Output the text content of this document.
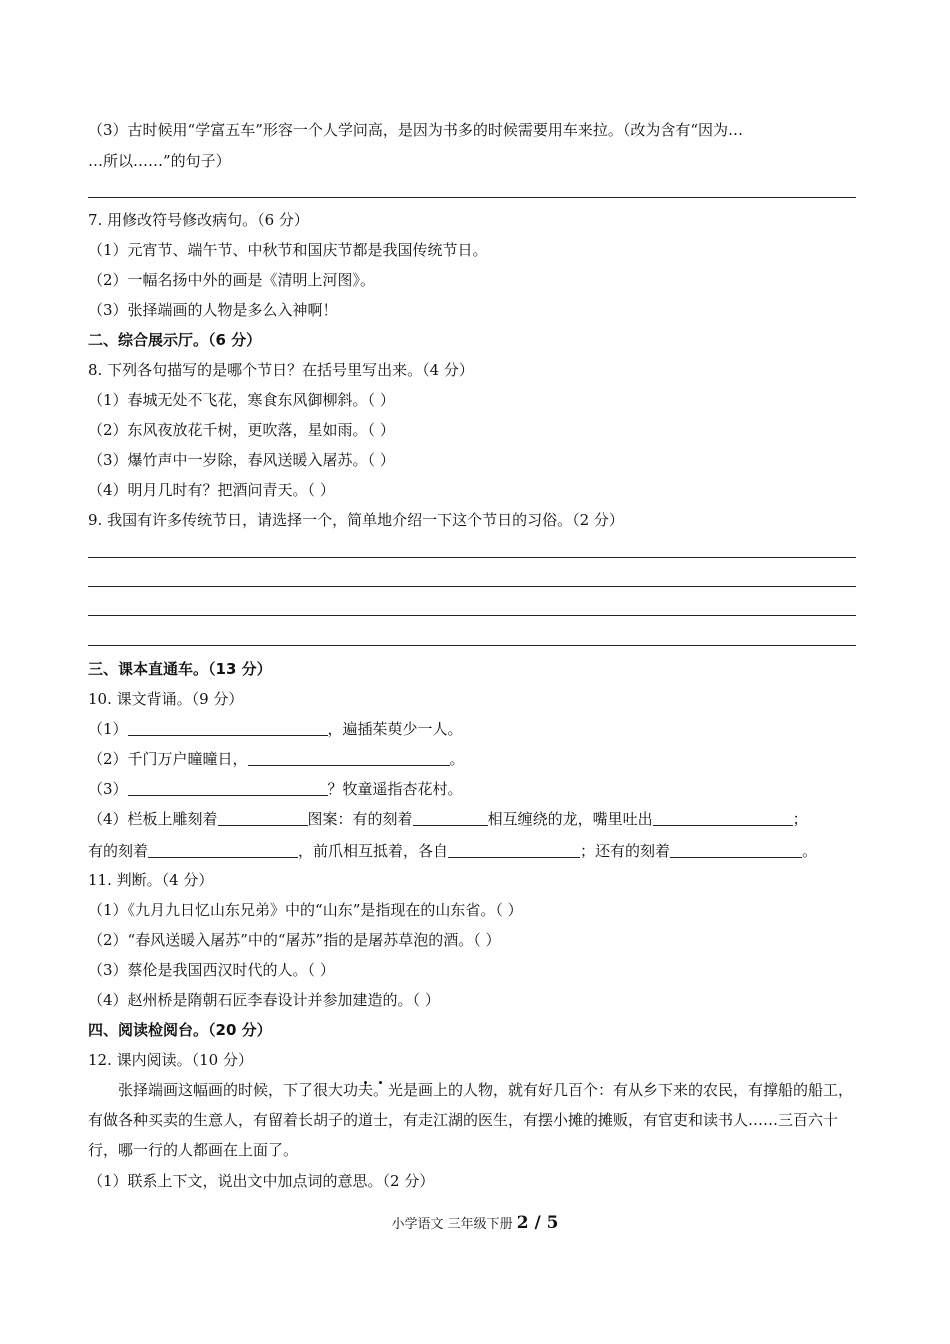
（3）古时候用“学富五车”形容一个人学问高，是因为书多的时候需要用车来拉。（改为含有“因为…
…所以……”的句子）
7. 用修改符号修改病句。（6 分）
（1）元宵节、端午节、中秋节和国庆节都是我国传统节日。
（2）一幅名扬中外的画是《清明上河图》。
（3）张择端画的人物是多么入神啊！
二、综合展示厅。（6 分）
8. 下列各句描写的是哪个节日？在括号里写出来。（4 分）
（1）春城无处不飞花，寒食东风御柳斜。（ ）
（2）东风夜放花千树，更吹落，星如雨。（ ）
（3）爆竹声中一岁除，春风送暖入屠苏。（ ）
（4）明月几时有？把酒问青天。（ ）
9. 我国有许多传统节日，请选择一个，简单地介绍一下这个节日的习俗。（2 分）
三、课本直通车。（13 分）
10. 课文背诵。（9 分）
（1）	，遍插茱萸少一人。
（2）千门万户曈曈日，	。
（3）	？牧童遥指杏花村。
（4）栏板上雕刻着	图案：有的刻着	相互缠绕的龙，嘴里吐出	；
有的刻着	，前爪相互抵着，各自	；还有的刻着	。
11. 判断。（4 分）
（1）《九月九日忆山东兄弟》中的“山东”是指现在的山东省。（ ）
（2）“春风送暖入屠苏”中的“屠苏”指的是屠苏草泡的酒。（ ）
（3）蔡伦是我国西汉时代的人。（ ）
（4）赵州桥是隋朝石匠李春设计并参加建造的。（ ）
四、阅读检阅台。（20 分）
12. 课内阅读。（10 分）
张择端画这幅画的时候，下了很大功夫。光是画上的人物，就有好几百个：有从乡下来的农民，有撑船的船工，有做各种买卖的生意人，有留着长胡子的道士，有走江湖的医生，有摆小摊的摊贩，有官吏和读书人……三百六十行，哪一行的人都画在上面了。
（1）联系上下文，说出文中加点词的意思。（2 分）
小学语文 三年级下册 2 / 5
